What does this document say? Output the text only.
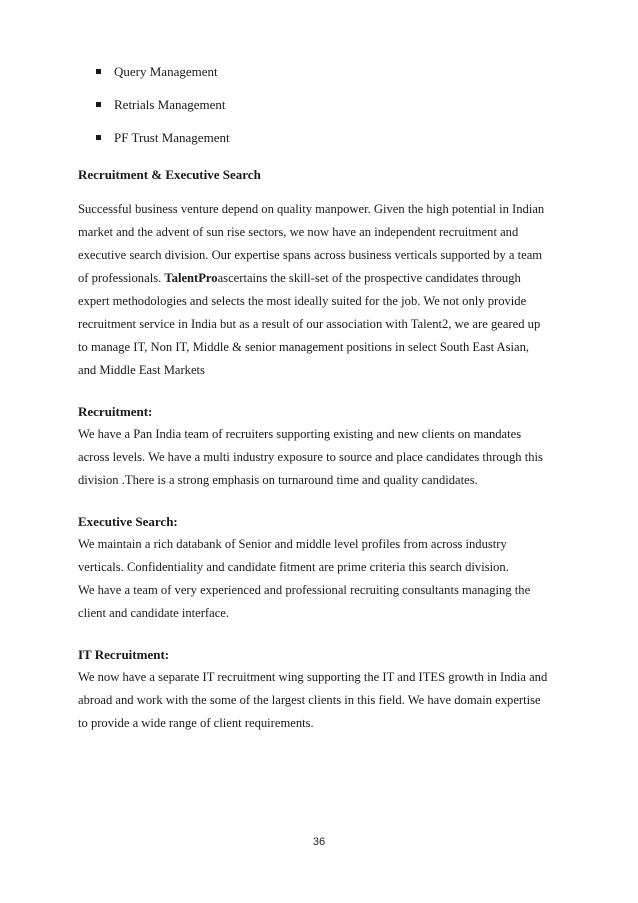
Query Management
Retrials Management
PF Trust Management

Recruitment & Executive Search

Successful business venture depend on quality manpower. Given the high potential in Indian
market and the advent of sun rise sectors, we now have an independent recruitment and
executive search division. Our expertise spans across business verticals supported by a team
of professionals. TalentProascertains the skill-set of the prospective candidates through
expert methodologies and selects the most ideally suited for the job. We not only provide
recruitment service in India but as a result of our association with Talent2, we are geared up
to manage IT, Non IT, Middle & senior management positions in select South East Asian,
and Middle East Markets

Recruitment:

We have a Pan India team of recruiters supporting existing and new clients on mandates
across levels. We have a multi industry exposure to source and place candidates through this
division .There is a strong emphasis on turnaround time and quality candidates.

Executive Search:

We maintain a rich databank of Senior and middle level profiles from across industry
verticals. Confidentiality and candidate fitment are prime criteria this search division.
We have a team of very experienced and professional recruiting consultants managing the
client and candidate interface.

IT Recruitment:

We now have a separate IT recruitment wing supporting the IT and ITES growth in India and
abroad and work with the some of the largest clients in this field. We have domain expertise
to provide a wide range of client requirements.

36
